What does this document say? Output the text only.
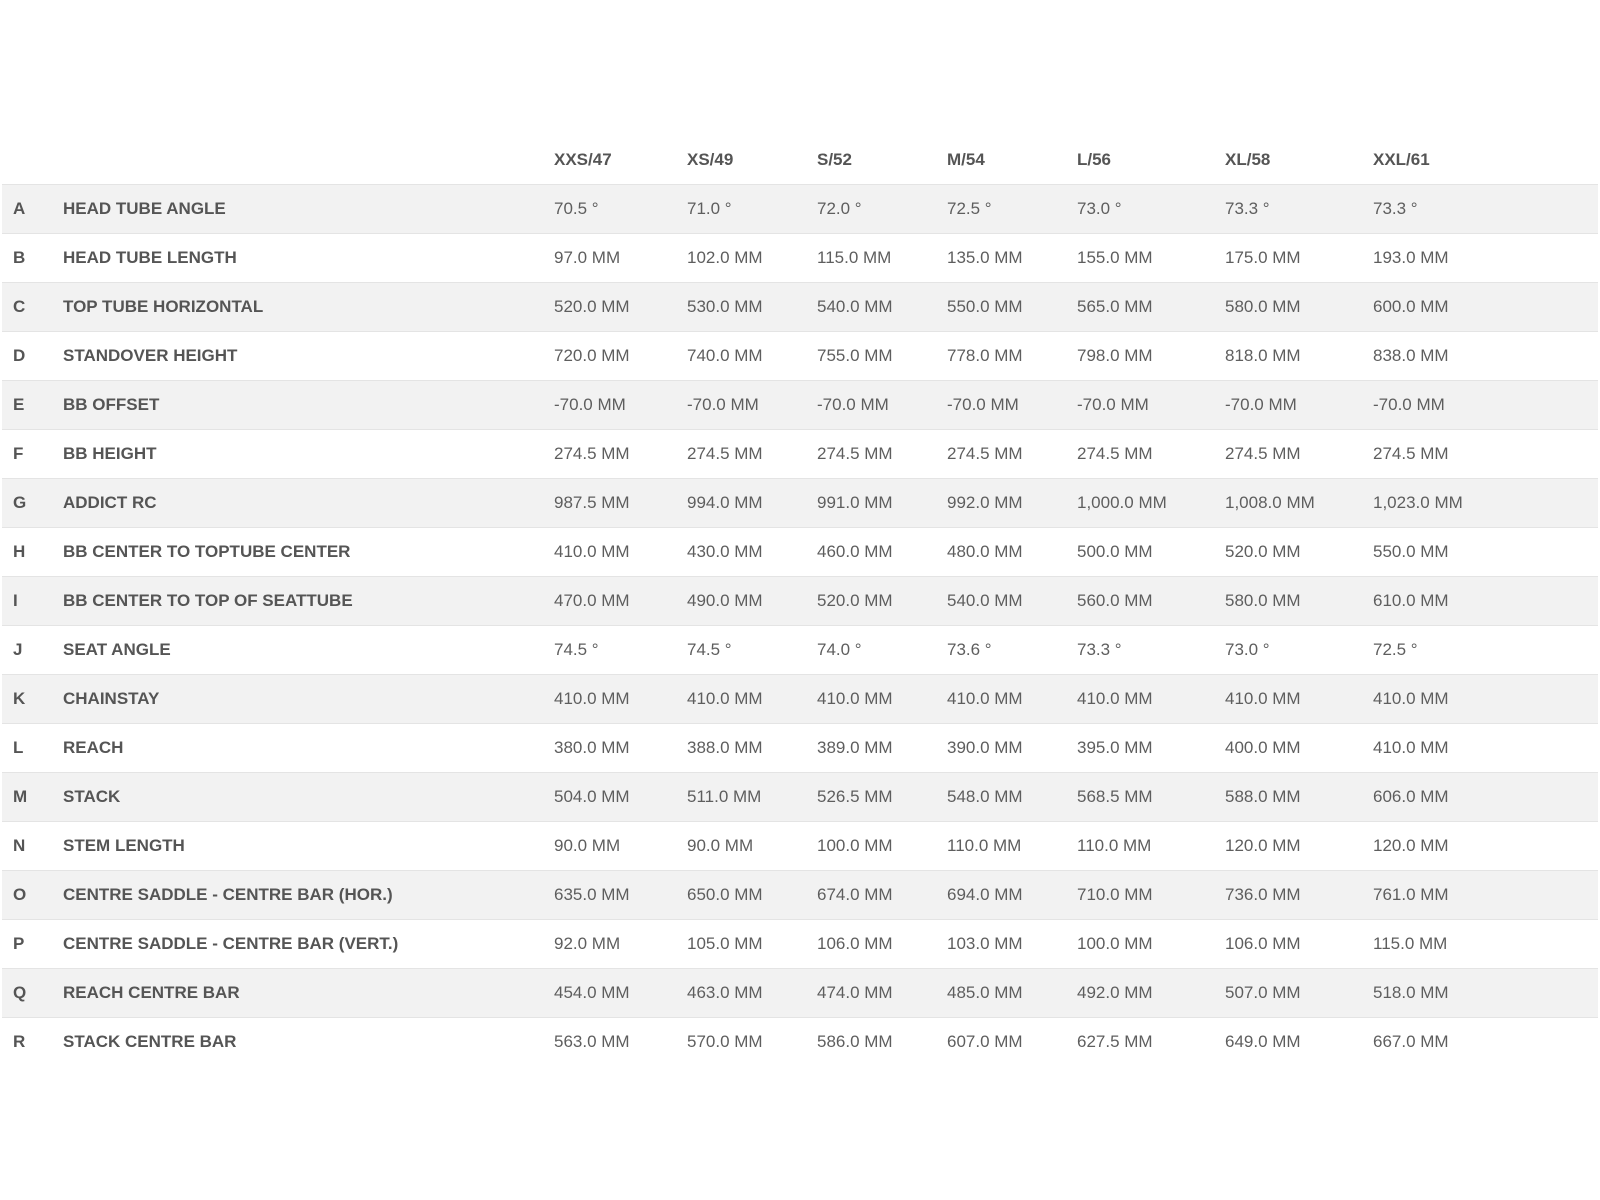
		XXS/47	XS/49	S/52	M/54	L/56	XL/58	XXL/61
A	HEAD TUBE ANGLE	70.5 °	71.0 °	72.0 °	72.5 °	73.0 °	73.3 °	73.3 °
B	HEAD TUBE LENGTH	97.0 MM	102.0 MM	115.0 MM	135.0 MM	155.0 MM	175.0 MM	193.0 MM
C	TOP TUBE HORIZONTAL	520.0 MM	530.0 MM	540.0 MM	550.0 MM	565.0 MM	580.0 MM	600.0 MM
D	STANDOVER HEIGHT	720.0 MM	740.0 MM	755.0 MM	778.0 MM	798.0 MM	818.0 MM	838.0 MM
E	BB OFFSET	-70.0 MM	-70.0 MM	-70.0 MM	-70.0 MM	-70.0 MM	-70.0 MM	-70.0 MM
F	BB HEIGHT	274.5 MM	274.5 MM	274.5 MM	274.5 MM	274.5 MM	274.5 MM	274.5 MM
G	ADDICT RC	987.5 MM	994.0 MM	991.0 MM	992.0 MM	1,000.0 MM	1,008.0 MM	1,023.0 MM
H	BB CENTER TO TOPTUBE CENTER	410.0 MM	430.0 MM	460.0 MM	480.0 MM	500.0 MM	520.0 MM	550.0 MM
I	BB CENTER TO TOP OF SEATTUBE	470.0 MM	490.0 MM	520.0 MM	540.0 MM	560.0 MM	580.0 MM	610.0 MM
J	SEAT ANGLE	74.5 °	74.5 °	74.0 °	73.6 °	73.3 °	73.0 °	72.5 °
K	CHAINSTAY	410.0 MM	410.0 MM	410.0 MM	410.0 MM	410.0 MM	410.0 MM	410.0 MM
L	REACH	380.0 MM	388.0 MM	389.0 MM	390.0 MM	395.0 MM	400.0 MM	410.0 MM
M	STACK	504.0 MM	511.0 MM	526.5 MM	548.0 MM	568.5 MM	588.0 MM	606.0 MM
N	STEM LENGTH	90.0 MM	90.0 MM	100.0 MM	110.0 MM	110.0 MM	120.0 MM	120.0 MM
O	CENTRE SADDLE - CENTRE BAR (HOR.)	635.0 MM	650.0 MM	674.0 MM	694.0 MM	710.0 MM	736.0 MM	761.0 MM
P	CENTRE SADDLE - CENTRE BAR (VERT.)	92.0 MM	105.0 MM	106.0 MM	103.0 MM	100.0 MM	106.0 MM	115.0 MM
Q	REACH CENTRE BAR	454.0 MM	463.0 MM	474.0 MM	485.0 MM	492.0 MM	507.0 MM	518.0 MM
R	STACK CENTRE BAR	563.0 MM	570.0 MM	586.0 MM	607.0 MM	627.5 MM	649.0 MM	667.0 MM
